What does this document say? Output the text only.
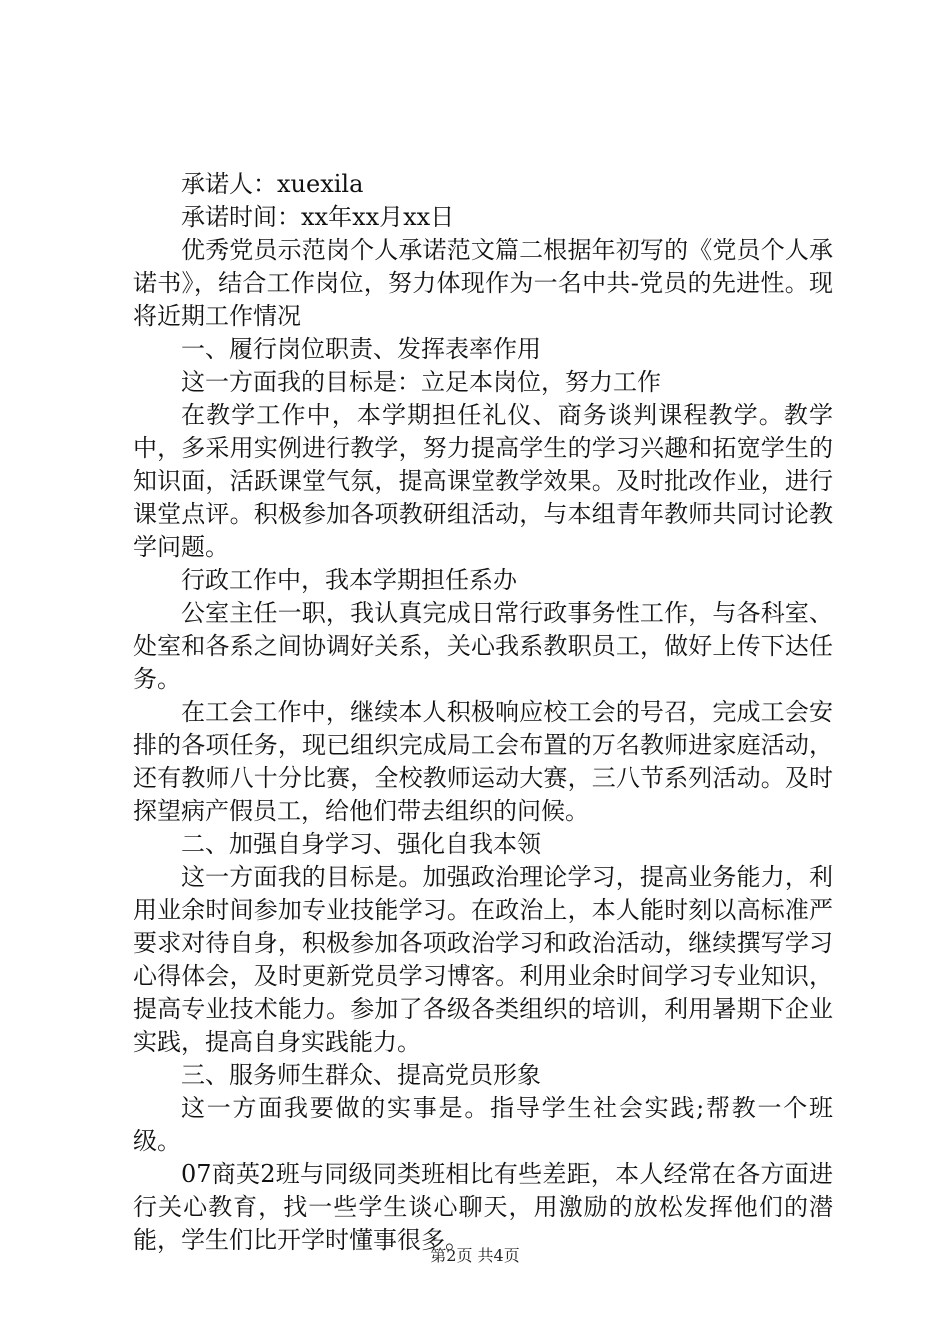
承诺人：xuexila

承诺时间：xx年xx月xx日

优秀党员示范岗个人承诺范文篇二根据年初写的《党员个人承诺书》，结合工作岗位，努力体现作为一名中共-党员的先进性。现将近期工作情况

一、履行岗位职责、发挥表率作用

这一方面我的目标是：立足本岗位，努力工作

在教学工作中，本学期担任礼仪、商务谈判课程教学。教学中，多采用实例进行教学，努力提高学生的学习兴趣和拓宽学生的知识面，活跃课堂气氛，提高课堂教学效果。及时批改作业，进行课堂点评。积极参加各项教研组活动，与本组青年教师共同讨论教学问题。

行政工作中，我本学期担任系办

公室主任一职，我认真完成日常行政事务性工作，与各科室、处室和各系之间协调好关系，关心我系教职员工，做好上传下达任务。

在工会工作中，继续本人积极响应校工会的号召，完成工会安排的各项任务，现已组织完成局工会布置的万名教师进家庭活动，还有教师八十分比赛，全校教师运动大赛，三八节系列活动。及时探望病产假员工，给他们带去组织的问候。

二、加强自身学习、强化自我本领

这一方面我的目标是。加强政治理论学习，提高业务能力，利用业余时间参加专业技能学习。在政治上，本人能时刻以高标准严要求对待自身，积极参加各项政治学习和政治活动，继续撰写学习心得体会，及时更新党员学习博客。利用业余时间学习专业知识，提高专业技术能力。参加了各级各类组织的培训，利用暑期下企业实践，提高自身实践能力。

三、服务师生群众、提高党员形象

这一方面我要做的实事是。指导学生社会实践;帮教一个班级。

07商英2班与同级同类班相比有些差距，本人经常在各方面进行关心教育，找一些学生谈心聊天，用激励的放松发挥他们的潜能，学生们比开学时懂事很多。

第2页 共4页
